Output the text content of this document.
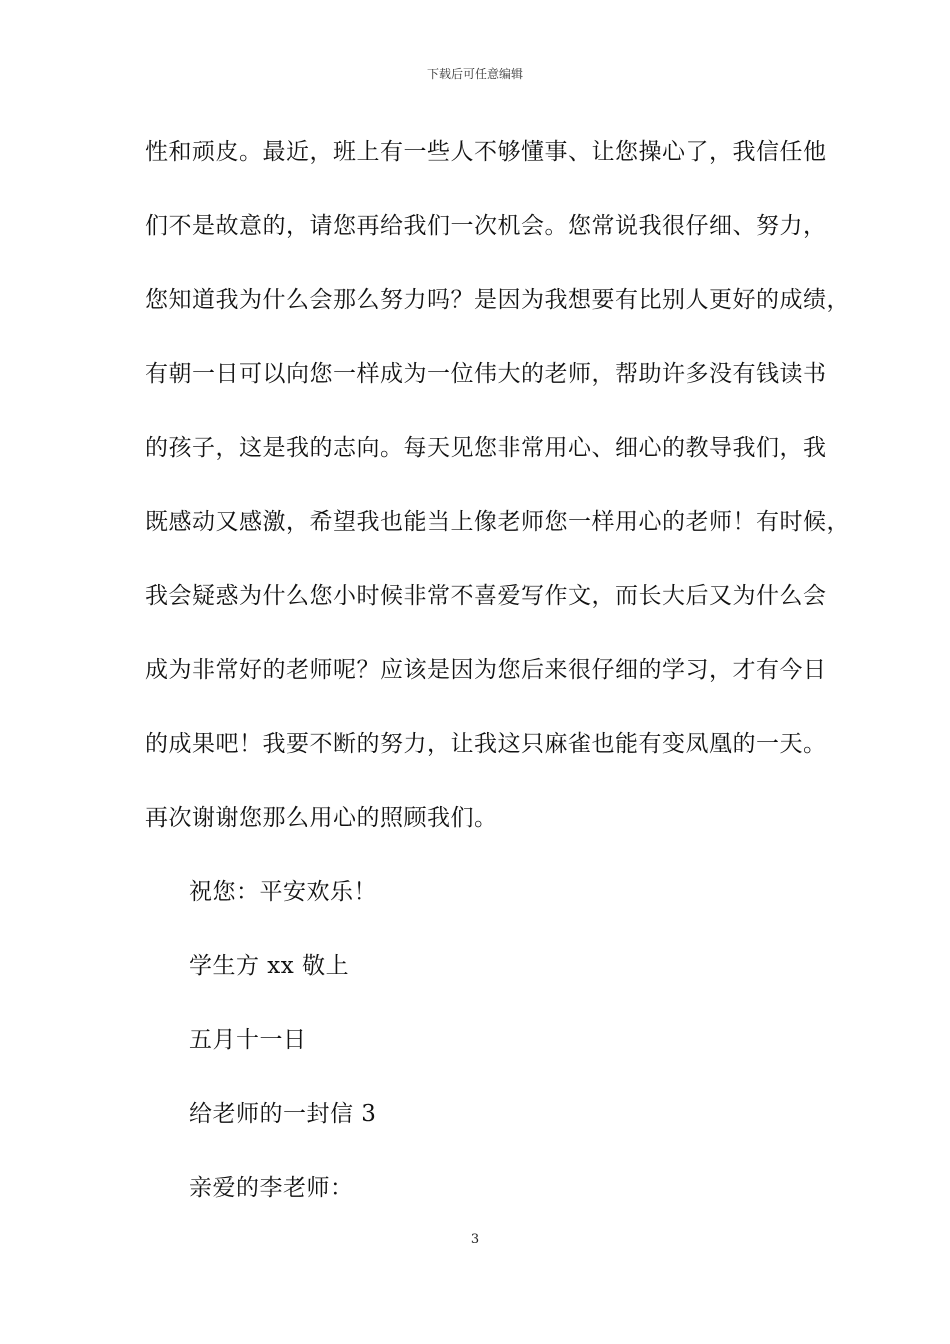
下载后可任意编辑
性和顽皮。最近，班上有一些人不够懂事、让您操心了，我信任他
们不是故意的，请您再给我们一次机会。您常说我很仔细、努力，
您知道我为什么会那么努力吗？是因为我想要有比别人更好的成绩，
有朝一日可以向您一样成为一位伟大的老师，帮助许多没有钱读书
的孩子，这是我的志向。每天见您非常用心、细心的教导我们，我
既感动又感激，希望我也能当上像老师您一样用心的老师！有时候，
我会疑惑为什么您小时候非常不喜爱写作文，而长大后又为什么会
成为非常好的老师呢？应该是因为您后来很仔细的学习，才有今日
的成果吧！我要不断的努力，让我这只麻雀也能有变凤凰的一天。
再次谢谢您那么用心的照顾我们。
祝您：平安欢乐！
学生方 xx 敬上
五月十一日
给老师的一封信 3
亲爱的李老师：
3
